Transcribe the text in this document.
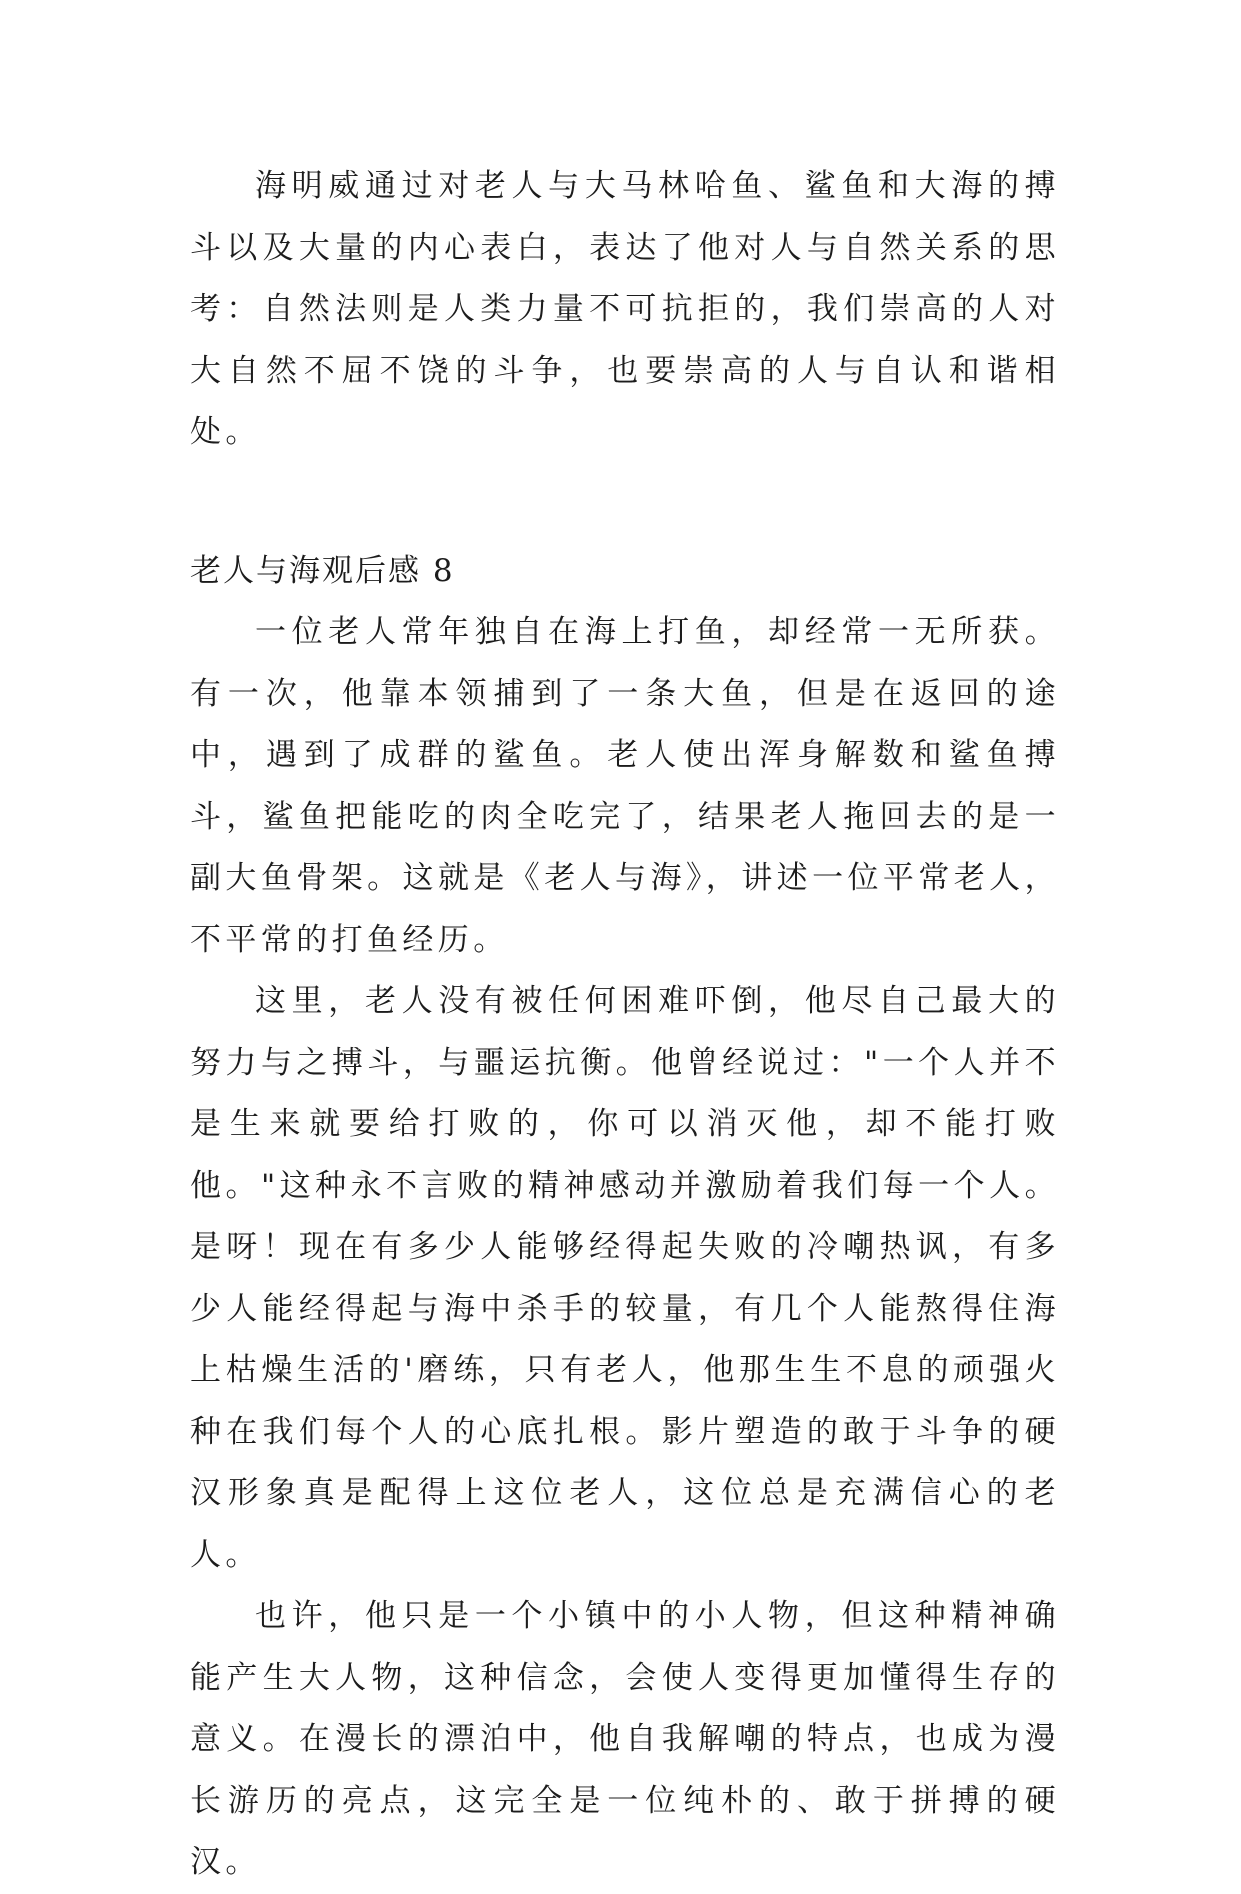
海明威通过对老人与大马林哈鱼、鲨鱼和大海的搏斗以及大量的内心表白，表达了他对人与自然关系的思考：自然法则是人类力量不可抗拒的，我们崇高的人对大自然不屈不饶的斗争，也要崇高的人与自认和谐相处。

老人与海观后感 8

一位老人常年独自在海上打鱼，却经常一无所获。有一次，他靠本领捕到了一条大鱼，但是在返回的途中，遇到了成群的鲨鱼。老人使出浑身解数和鲨鱼搏斗，鲨鱼把能吃的肉全吃完了，结果老人拖回去的是一副大鱼骨架。这就是《老人与海》，讲述一位平常老人，不平常的打鱼经历。

这里，老人没有被任何困难吓倒，他尽自己最大的努力与之搏斗，与噩运抗衡。他曾经说过："一个人并不是生来就要给打败的，你可以消灭他，却不能打败他。"这种永不言败的精神感动并激励着我们每一个人。是呀！现在有多少人能够经得起失败的冷嘲热讽，有多少人能经得起与海中杀手的较量，有几个人能熬得住海上枯燥生活的'磨练，只有老人，他那生生不息的顽强火种在我们每个人的心底扎根。影片塑造的敢于斗争的硬汉形象真是配得上这位老人，这位总是充满信心的老人。

也许，他只是一个小镇中的小人物，但这种精神确能产生大人物，这种信念，会使人变得更加懂得生存的意义。在漫长的漂泊中，他自我解嘲的特点，也成为漫长游历的亮点，这完全是一位纯朴的、敢于拼搏的硬汉。
